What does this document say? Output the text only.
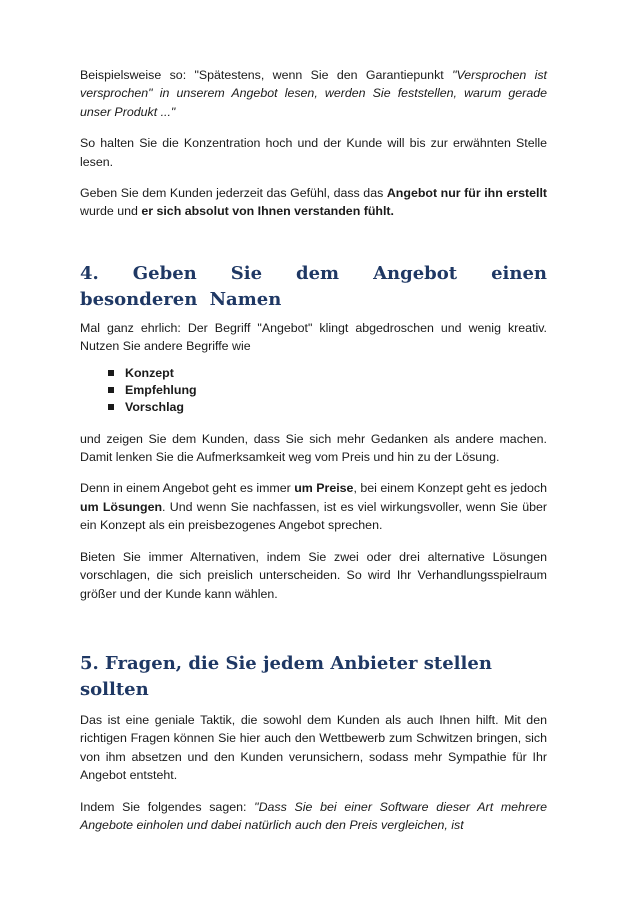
Beispielsweise so: "Spätestens, wenn Sie den Garantiepunkt "Versprochen ist versprochen" in unserem Angebot lesen, werden Sie feststellen, warum gerade unser Produkt ..."

So halten Sie die Konzentration hoch und der Kunde will bis zur erwähnten Stelle lesen.

Geben Sie dem Kunden jederzeit das Gefühl, dass das Angebot nur für ihn erstellt wurde und er sich absolut von Ihnen verstanden fühlt.

4. Geben Sie dem Angebot einen besonderen Namen

Mal ganz ehrlich: Der Begriff "Angebot" klingt abgedroschen und wenig kreativ. Nutzen Sie andere Begriffe wie

Konzept
Empfehlung
Vorschlag

und zeigen Sie dem Kunden, dass Sie sich mehr Gedanken als andere machen. Damit lenken Sie die Aufmerksamkeit weg vom Preis und hin zu der Lösung.

Denn in einem Angebot geht es immer um Preise, bei einem Konzept geht es jedoch um Lösungen. Und wenn Sie nachfassen, ist es viel wirkungsvoller, wenn Sie über ein Konzept als ein preisbezogenes Angebot sprechen.

Bieten Sie immer Alternativen, indem Sie zwei oder drei alternative Lösungen vorschlagen, die sich preislich unterscheiden. So wird Ihr Verhandlungsspielraum größer und der Kunde kann wählen.

5. Fragen, die Sie jedem Anbieter stellen sollten

Das ist eine geniale Taktik, die sowohl dem Kunden als auch Ihnen hilft. Mit den richtigen Fragen können Sie hier auch den Wettbewerb zum Schwitzen bringen, sich von ihm absetzen und den Kunden verunsichern, sodass mehr Sympathie für Ihr Angebot entsteht.

Indem Sie folgendes sagen: "Dass Sie bei einer Software dieser Art mehrere Angebote einholen und dabei natürlich auch den Preis vergleichen, ist
